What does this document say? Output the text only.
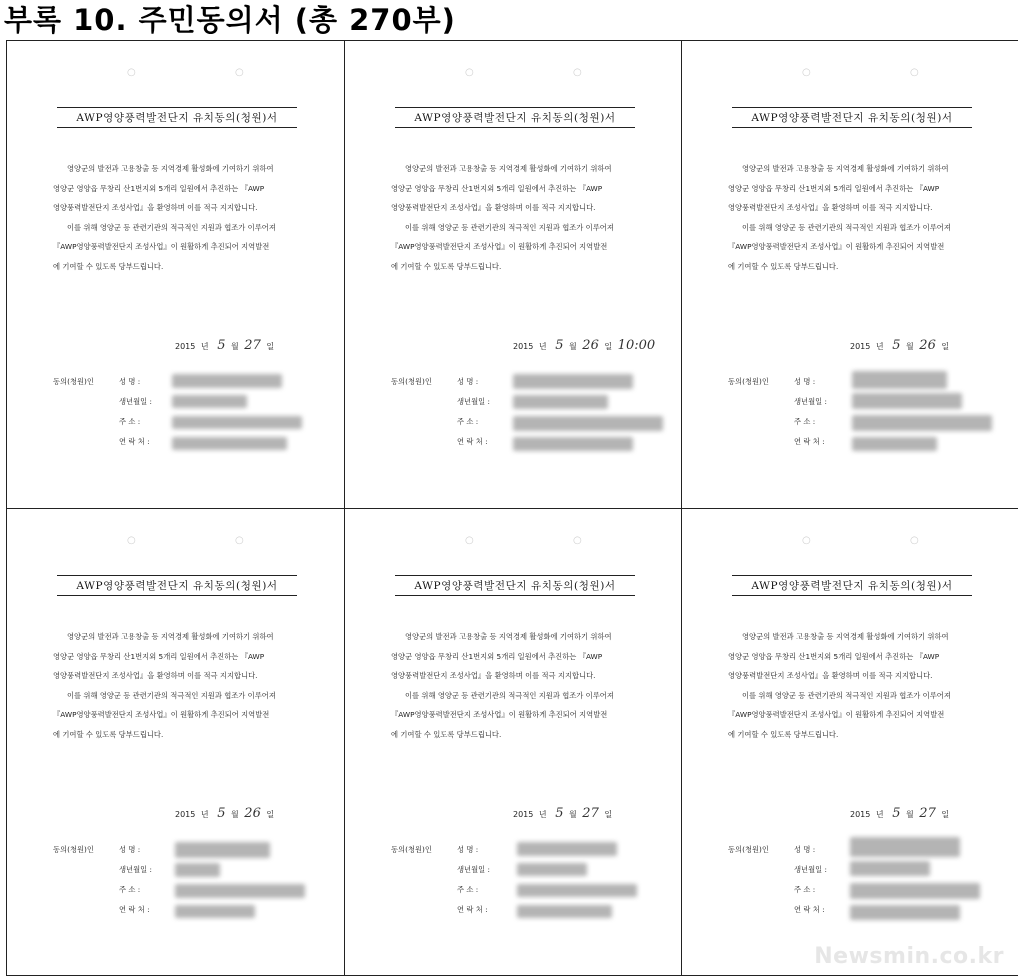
부록 10. 주민동의서 (총 270부)
○	○
AWP영양풍력발전단지 유치동의(청원)서

영양군의 발전과 고용창출 등 지역경제 활성화에 기여하기 위하여

영양군 영양읍 무창리 산1번지외 5개리 일원에서 추진하는 『AWP

영양풍력발전단지 조성사업』을 환영하며 이를 적극 지지합니다.

이를 위해 영양군 등 관련기관의 적극적인 지원과 협조가 이루어져

『AWP영양풍력발전단지 조성사업』이 원활하게 추진되어 지역발전

에 기여할 수 있도록 당부드립니다.

2015 년 5 월 27 일
동의(청원)인	성 명 :
생년월일 :
주 소 :
연 락 처 :
○	○
AWP영양풍력발전단지 유치동의(청원)서

영양군의 발전과 고용창출 등 지역경제 활성화에 기여하기 위하여

영양군 영양읍 무창리 산1번지외 5개리 일원에서 추진하는 『AWP

영양풍력발전단지 조성사업』을 환영하며 이를 적극 지지합니다.

이를 위해 영양군 등 관련기관의 적극적인 지원과 협조가 이루어져

『AWP영양풍력발전단지 조성사업』이 원활하게 추진되어 지역발전

에 기여할 수 있도록 당부드립니다.

2015 년 5 월 26 일 10:00
동의(청원)인	성 명 :
생년월일 :
주 소 :
연 락 처 :
○	○
AWP영양풍력발전단지 유치동의(청원)서

영양군의 발전과 고용창출 등 지역경제 활성화에 기여하기 위하여

영양군 영양읍 무창리 산1번지외 5개리 일원에서 추진하는 『AWP

영양풍력발전단지 조성사업』을 환영하며 이를 적극 지지합니다.

이를 위해 영양군 등 관련기관의 적극적인 지원과 협조가 이루어져

『AWP영양풍력발전단지 조성사업』이 원활하게 추진되어 지역발전

에 기여할 수 있도록 당부드립니다.

2015 년 5 월 26 일
동의(청원)인	성 명 :
생년월일 :
주 소 :
연 락 처 :
○	○
AWP영양풍력발전단지 유치동의(청원)서

영양군의 발전과 고용창출 등 지역경제 활성화에 기여하기 위하여

영양군 영양읍 무창리 산1번지외 5개리 일원에서 추진하는 『AWP

영양풍력발전단지 조성사업』을 환영하며 이를 적극 지지합니다.

이를 위해 영양군 등 관련기관의 적극적인 지원과 협조가 이루어져

『AWP영양풍력발전단지 조성사업』이 원활하게 추진되어 지역발전

에 기여할 수 있도록 당부드립니다.

2015 년 5 월 26 일
동의(청원)인	성 명 :
생년월일 :
주 소 :
연 락 처 :
○	○
AWP영양풍력발전단지 유치동의(청원)서

영양군의 발전과 고용창출 등 지역경제 활성화에 기여하기 위하여

영양군 영양읍 무창리 산1번지외 5개리 일원에서 추진하는 『AWP

영양풍력발전단지 조성사업』을 환영하며 이를 적극 지지합니다.

이를 위해 영양군 등 관련기관의 적극적인 지원과 협조가 이루어져

『AWP영양풍력발전단지 조성사업』이 원활하게 추진되어 지역발전

에 기여할 수 있도록 당부드립니다.

2015 년 5 월 27 일
동의(청원)인	성 명 :
생년월일 :
주 소 :
연 락 처 :
○	○
AWP영양풍력발전단지 유치동의(청원)서

영양군의 발전과 고용창출 등 지역경제 활성화에 기여하기 위하여

영양군 영양읍 무창리 산1번지외 5개리 일원에서 추진하는 『AWP

영양풍력발전단지 조성사업』을 환영하며 이를 적극 지지합니다.

이를 위해 영양군 등 관련기관의 적극적인 지원과 협조가 이루어져

『AWP영양풍력발전단지 조성사업』이 원활하게 추진되어 지역발전

에 기여할 수 있도록 당부드립니다.

2015 년 5 월 27 일
동의(청원)인	성 명 :
생년월일 :
주 소 :
연 락 처 :
Newsmin.co.kr
